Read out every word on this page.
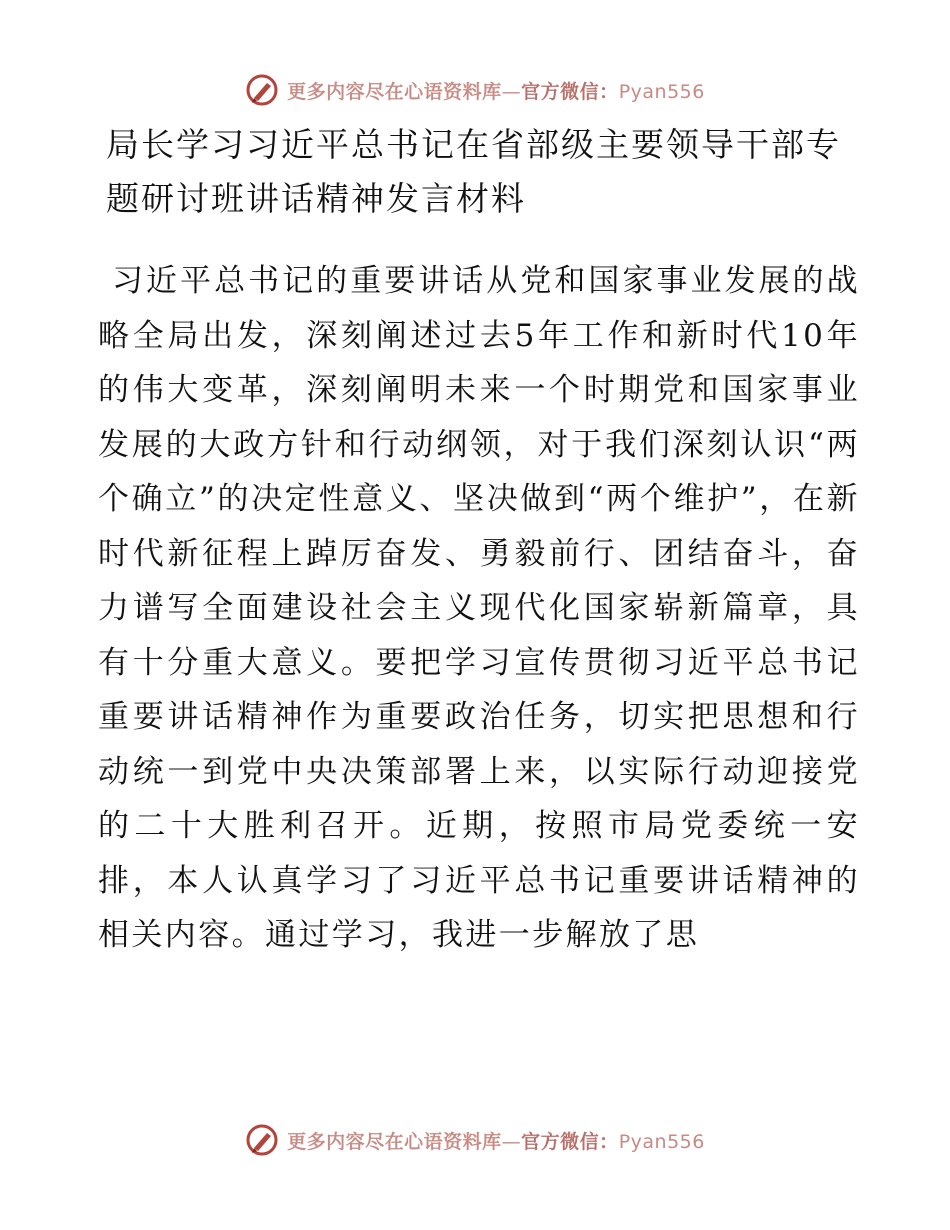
更多内容尽在心语资料库—官方微信：Pyan556
局长学习习近平总书记在省部级主要领导干部专题研讨班讲话精神发言材料

习近平总书记的重要讲话从党和国家事业发展的战略全局出发，深刻阐述过去5年工作和新时代10年的伟大变革，深刻阐明未来一个时期党和国家事业发展的大政方针和行动纲领，对于我们深刻认识“两个确立”的决定性意义、坚决做到“两个维护”，在新时代新征程上踔厉奋发、勇毅前行、团结奋斗，奋力谱写全面建设社会主义现代化国家崭新篇章，具有十分重大意义。要把学习宣传贯彻习近平总书记重要讲话精神作为重要政治任务，切实把思想和行动统一到党中央决策部署上来，以实际行动迎接党的二十大胜利召开。近期，按照市局党委统一安排，本人认真学习了习近平总书记重要讲话精神的相关内容。通过学习，我进一步解放了思

更多内容尽在心语资料库—官方微信：Pyan556
